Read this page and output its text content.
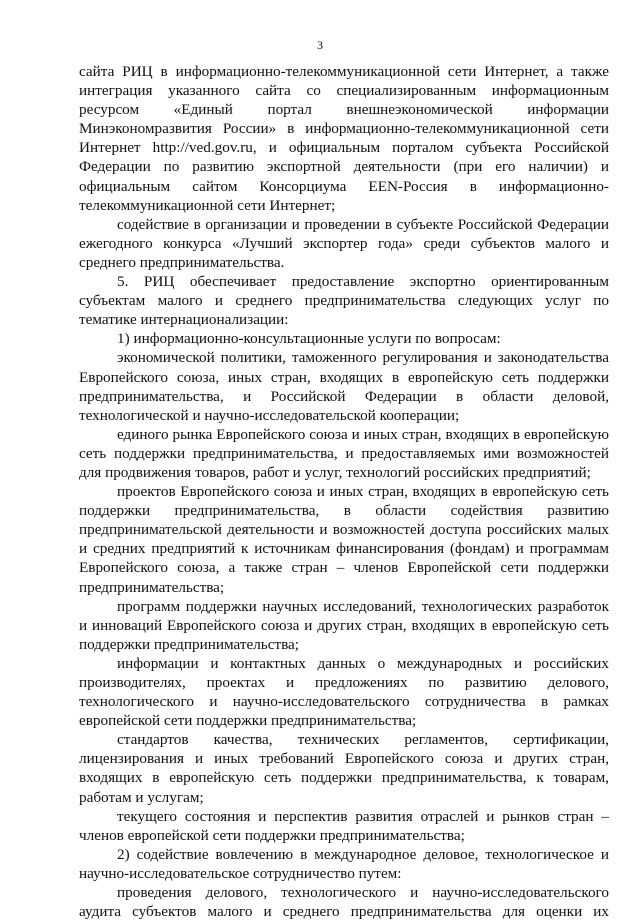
3

сайта РИЦ в информационно-телекоммуникационной сети Интернет, а также интеграция указанного сайта со специализированным информационным ресурсом «Единый портал внешнеэкономической информации Минэкономразвития России» в информационно-телекоммуникационной сети Интернет http://ved.gov.ru, и официальным порталом субъекта Российской Федерации по развитию экспортной деятельности (при его наличии) и официальным сайтом Консорциума EEN-Россия в информационно-телекоммуникационной сети Интернет;

содействие в организации и проведении в субъекте Российской Федерации ежегодного конкурса «Лучший экспортер года» среди субъектов малого и среднего предпринимательства.

5. РИЦ обеспечивает предоставление экспортно ориентированным субъектам малого и среднего предпринимательства следующих услуг по тематике интернационализации:

1) информационно-консультационные услуги по вопросам:

экономической политики, таможенного регулирования и законодательства Европейского союза, иных стран, входящих в европейскую сеть поддержки предпринимательства, и Российской Федерации в области деловой, технологической и научно-исследовательской кооперации;

единого рынка Европейского союза и иных стран, входящих в европейскую сеть поддержки предпринимательства, и предоставляемых ими возможностей для продвижения товаров, работ и услуг, технологий российских предприятий;

проектов Европейского союза и иных стран, входящих в европейскую сеть поддержки предпринимательства, в области содействия развитию предпринимательской деятельности и возможностей доступа российских малых и средних предприятий к источникам финансирования (фондам) и программам Европейского союза, а также стран – членов Европейской сети поддержки предпринимательства;

программ поддержки научных исследований, технологических разработок и инноваций Европейского союза и других стран, входящих в европейскую сеть поддержки предпринимательства;

информации и контактных данных о международных и российских производителях, проектах и предложениях по развитию делового, технологического и научно-исследовательского сотрудничества в рамках европейской сети поддержки предпринимательства;

стандартов качества, технических регламентов, сертификации, лицензирования и иных требований Европейского союза и других стран, входящих в европейскую сеть поддержки предпринимательства, к товарам, работам и услугам;

текущего состояния и перспектив развития отраслей и рынков стран – членов европейской сети поддержки предпринимательства;

2) содействие вовлечению в международное деловое, технологическое и научно-исследовательское сотрудничество путем:

проведения делового, технологического и научно-исследовательского аудита субъектов малого и среднего предпринимательства для оценки их
